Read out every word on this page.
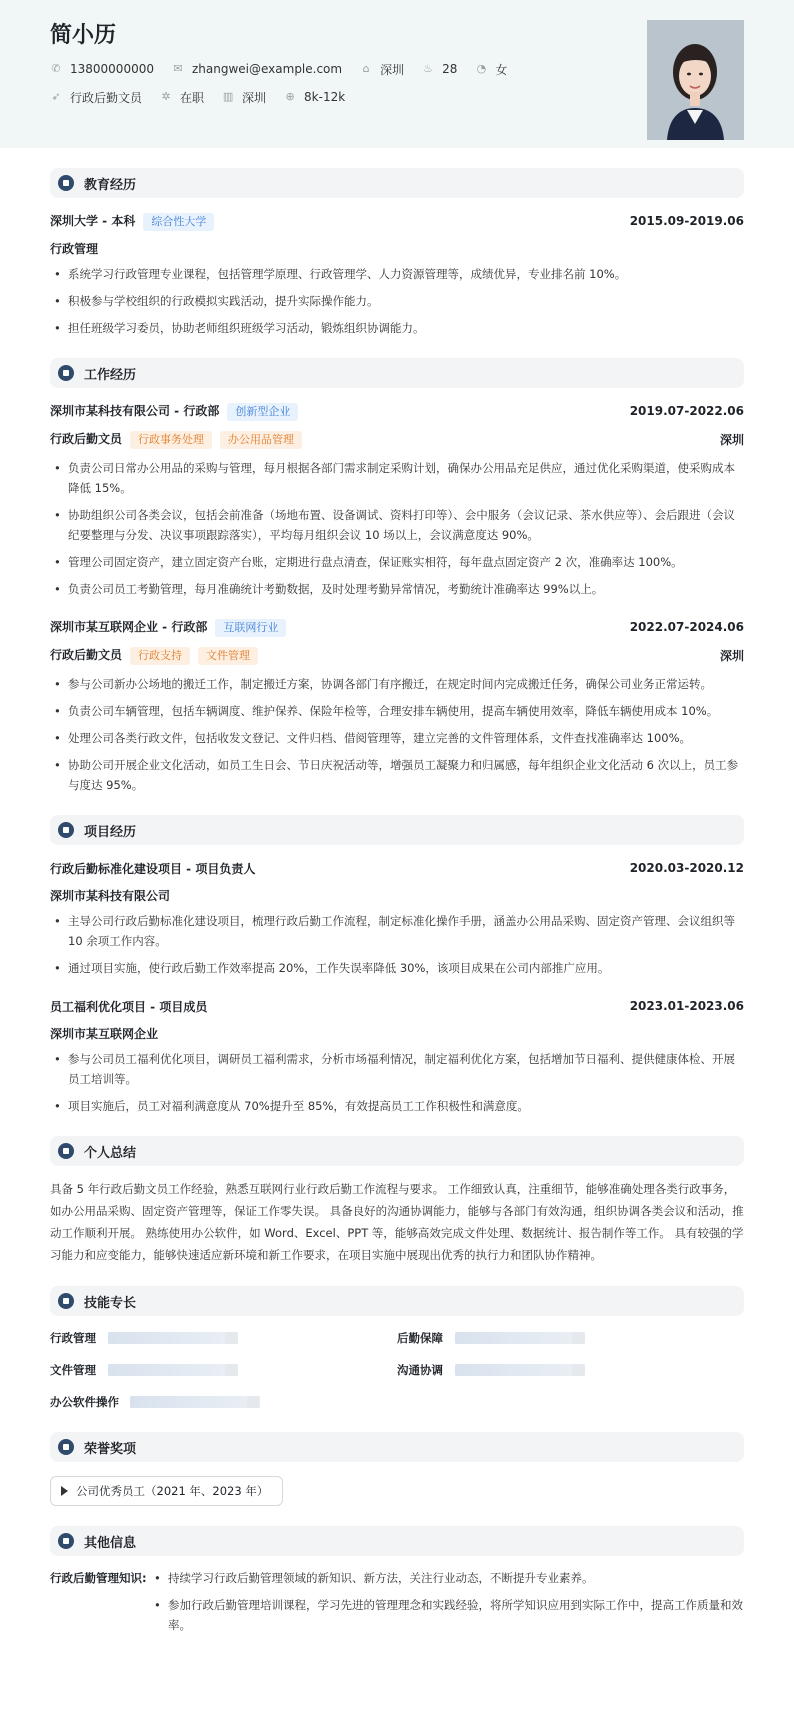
简小历
✆ 13800000000 ✉ zhangwei@example.com ⌂ 深圳 ♨ 28 ◔ 女
➶ 行政后勤文员 ✲ 在职 ▥ 深圳 ⊕ 8k-12k
教育经历
深圳大学 - 本科 综合性大学	2015.09-2019.06
行政管理
• 系统学习行政管理专业课程，包括管理学原理、行政管理学、人力资源管理等，成绩优异，专业排名前 10%。
• 积极参与学校组织的行政模拟实践活动，提升实际操作能力。
• 担任班级学习委员，协助老师组织班级学习活动，锻炼组织协调能力。
工作经历
深圳市某科技有限公司 - 行政部 创新型企业	2019.07-2022.06
行政后勤文员 行政事务处理 办公用品管理	深圳
• 负责公司日常办公用品的采购与管理，每月根据各部门需求制定采购计划，确保办公用品充足供应，通过优化采购渠道，使采购成本降低 15%。
• 协助组织公司各类会议，包括会前准备（场地布置、设备调试、资料打印等）、会中服务（会议记录、茶水供应等）、会后跟进（会议纪要整理与分发、决议事项跟踪落实），平均每月组织会议 10 场以上，会议满意度达 90%。
• 管理公司固定资产，建立固定资产台账，定期进行盘点清查，保证账实相符，每年盘点固定资产 2 次，准确率达 100%。
• 负责公司员工考勤管理，每月准确统计考勤数据，及时处理考勤异常情况，考勤统计准确率达 99%以上。
深圳市某互联网企业 - 行政部 互联网行业	2022.07-2024.06
行政后勤文员 行政支持 文件管理	深圳
• 参与公司新办公场地的搬迁工作，制定搬迁方案，协调各部门有序搬迁，在规定时间内完成搬迁任务，确保公司业务正常运转。
• 负责公司车辆管理，包括车辆调度、维护保养、保险年检等，合理安排车辆使用，提高车辆使用效率，降低车辆使用成本 10%。
• 处理公司各类行政文件，包括收发文登记、文件归档、借阅管理等，建立完善的文件管理体系，文件查找准确率达 100%。
• 协助公司开展企业文化活动，如员工生日会、节日庆祝活动等，增强员工凝聚力和归属感，每年组织企业文化活动 6 次以上，员工参与度达 95%。
项目经历
行政后勤标准化建设项目 - 项目负责人	2020.03-2020.12
深圳市某科技有限公司
• 主导公司行政后勤标准化建设项目，梳理行政后勤工作流程，制定标准化操作手册，涵盖办公用品采购、固定资产管理、会议组织等 10 余项工作内容。
• 通过项目实施，使行政后勤工作效率提高 20%，工作失误率降低 30%，该项目成果在公司内部推广应用。
员工福利优化项目 - 项目成员	2023.01-2023.06
深圳市某互联网企业
• 参与公司员工福利优化项目，调研员工福利需求，分析市场福利情况，制定福利优化方案，包括增加节日福利、提供健康体检、开展员工培训等。
• 项目实施后，员工对福利满意度从 70%提升至 85%，有效提高员工工作积极性和满意度。
个人总结

具备 5 年行政后勤文员工作经验，熟悉互联网行业行政后勤工作流程与要求。 工作细致认真，注重细节，能够准确处理各类行政事务，如办公用品采购、固定资产管理等，保证工作零失误。 具备良好的沟通协调能力，能够与各部门有效沟通，组织协调各类会议和活动，推动工作顺利开展。 熟练使用办公软件，如 Word、Excel、PPT 等，能够高效完成文件处理、数据统计、报告制作等工作。 具有较强的学习能力和应变能力，能够快速适应新环境和新工作要求，在项目实施中展现出优秀的执行力和团队协作精神。

技能专长
行政管理	后勤保障
文件管理	沟通协调
办公软件操作
荣誉奖项
公司优秀员工（2021 年、2023 年）
其他信息
行政后勤管理知识:
•	持续学习行政后勤管理领域的新知识、新方法，关注行业动态，不断提升专业素养。
• 参加行政后勤管理培训课程，学习先进的管理理念和实践经验，将所学知识应用到实际工作中，提高工作质量和效率。
